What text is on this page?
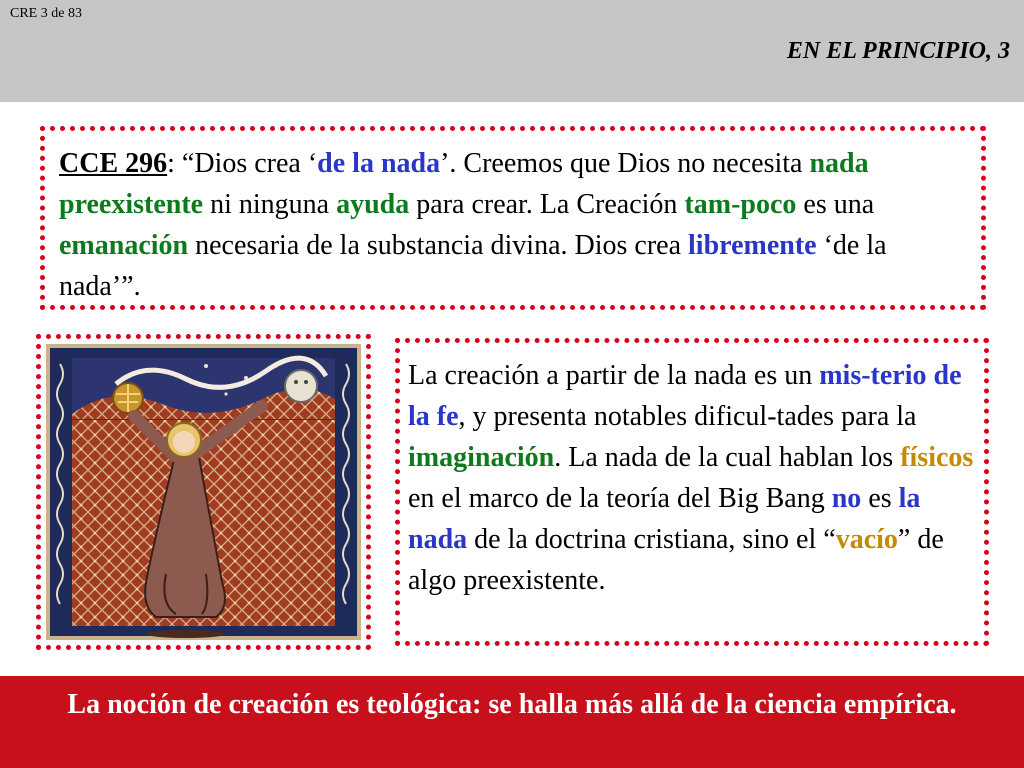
CRE 3 de 83
EN EL PRINCIPIO, 3
CCE 296: “Dios crea ‘de la nada’. Creemos que Dios no necesita nada preexistente ni ninguna ayuda para crear. La Creación tam-poco es una emanación necesaria de la substancia divina. Dios crea libremente ‘de la nada’”.
La creación a partir de la nada es un mis-terio de la fe, y presenta notables dificul-tades para la imaginación. La nada de la cual hablan los físicos en el marco de la teoría del Big Bang no es la nada de la doctrina cristiana, sino el “vacío” de algo preexistente.
La noción de creación es teológica: se halla más allá de la ciencia empírica.
